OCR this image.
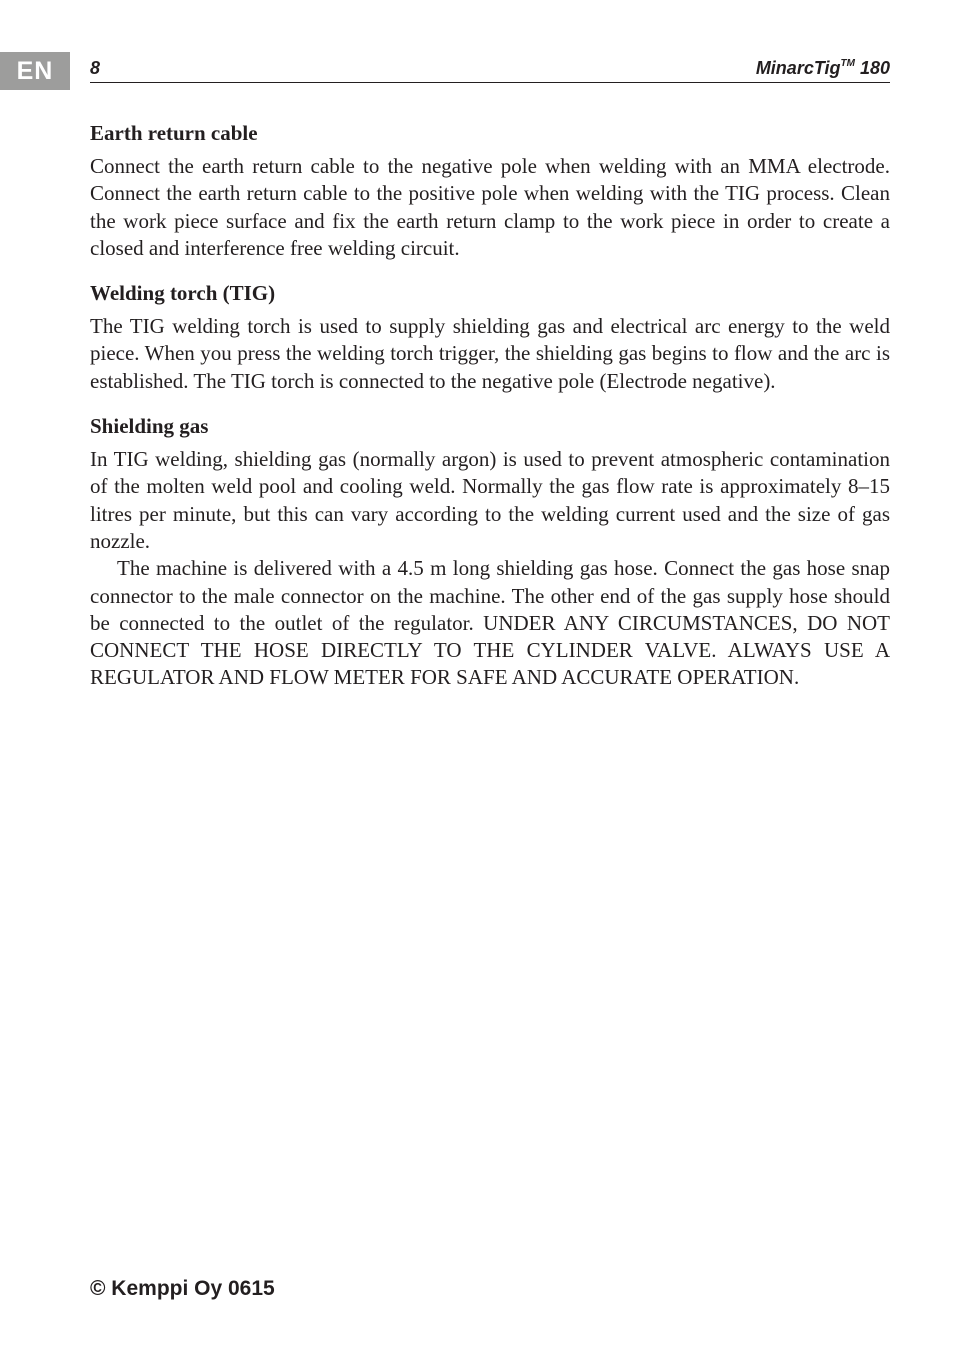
EN 8	MinarcTig™ 180
Earth return cable

Connect the earth return cable to the negative pole when welding with an MMA electrode. Connect the earth return cable to the positive pole when welding with the TIG process. Clean the work piece surface and fix the earth return clamp to the work piece in order to create a closed and interference free welding circuit.

Welding torch (TIG)

The TIG welding torch is used to supply shielding gas and electrical arc energy to the weld piece. When you press the welding torch trigger, the shielding gas begins to flow and the arc is established. The TIG torch is connected to the negative pole (Electrode negative).

Shielding gas

In TIG welding, shielding gas (normally argon) is used to prevent atmospheric contamination of the molten weld pool and cooling weld. Normally the gas flow rate is approximately 8–15 litres per minute, but this can vary according to the welding current used and the size of gas nozzle.

The machine is delivered with a 4.5 m long shielding gas hose. Connect the gas hose snap connector to the male connector on the machine. The other end of the gas supply hose should be connected to the outlet of the regulator. UNDER ANY CIRCUMSTANCES, DO NOT CONNECT THE HOSE DIRECTLY TO THE CYLINDER VALVE. ALWAYS USE A REGULATOR AND FLOW METER FOR SAFE AND ACCURATE OPERATION.

© Kemppi Oy 0615
